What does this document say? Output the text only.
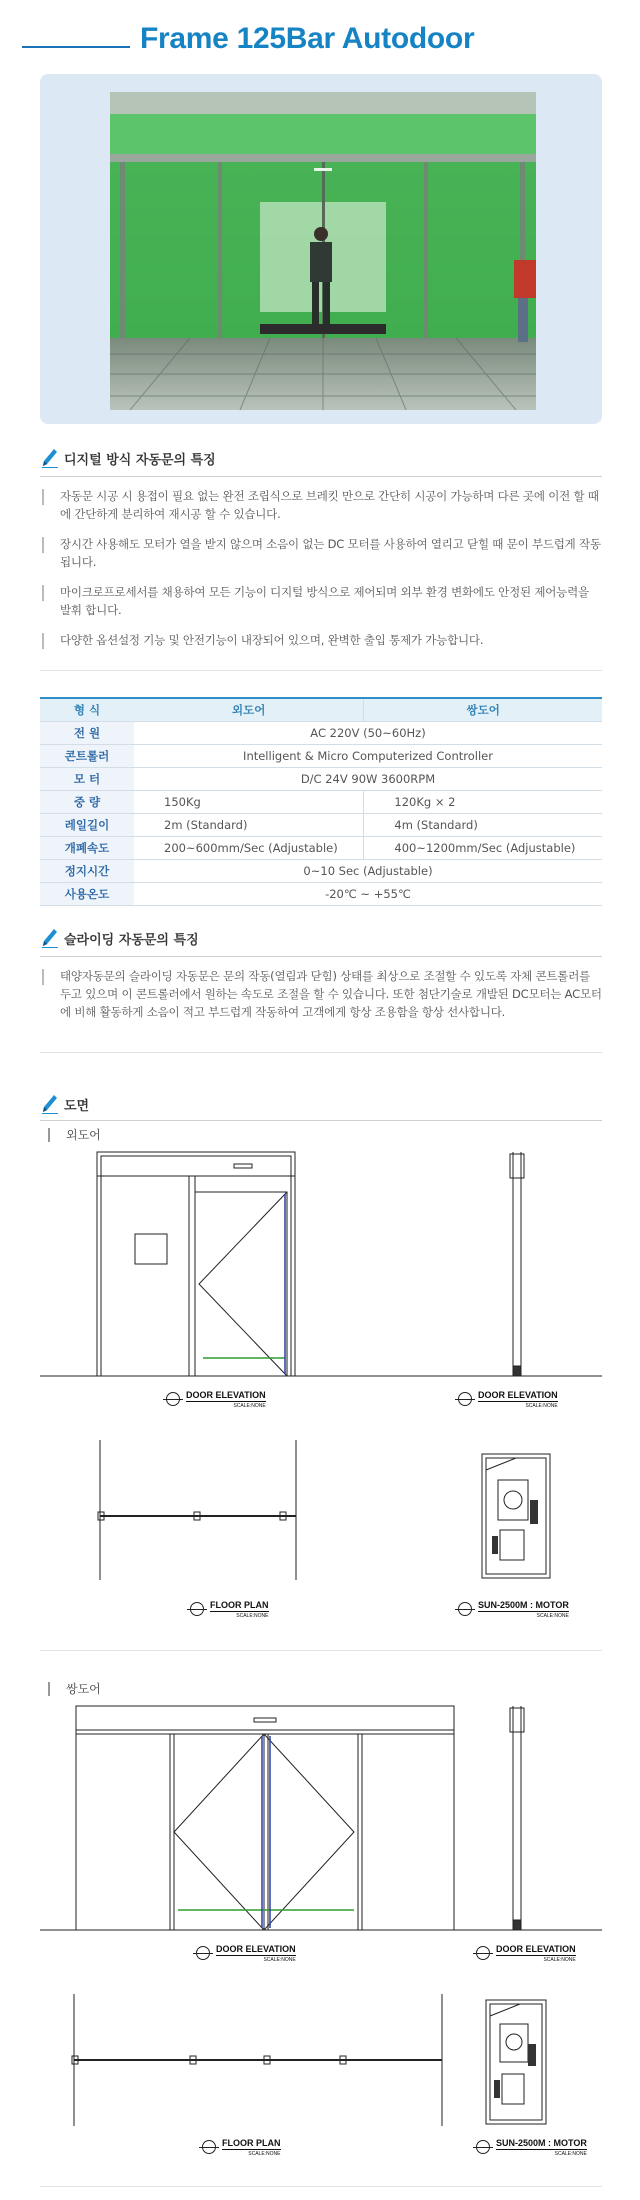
Frame 125Bar Autodoor
디지털 방식 자동문의 특징
자동문 시공 시 용접이 필요 없는 완전 조립식으로 브레킷 만으로 간단히 시공이 가능하며 다른 곳에 이전 할 때에 간단하게 분리하여 재시공 할 수 있습니다.
장시간 사용해도 모터가 열을 받지 않으며 소음이 없는 DC 모터를 사용하여 열리고 닫힐 때 문이 부드럽게 작동됩니다.
마이크로프로세서를 채용하여 모든 기능이 디지털 방식으로 제어되며 외부 환경 변화에도 안정된 제어능력을 발휘 합니다.
다양한 옵션설정 기능 및 안전기능이 내장되어 있으며, 완벽한 출입 통제가 가능합니다.
형 식	외도어	쌍도어
전 원	AC 220V (50~60Hz)	
콘트롤러	Intelligent & Micro Computerized Controller	
모 터	D/C 24V 90W 3600RPM	
중 량	150Kg	120Kg × 2
레일길이	2m (Standard)	4m (Standard)
개폐속도	200~600mm/Sec (Adjustable)	400~1200mm/Sec (Adjustable)
정지시간	0~10 Sec (Adjustable)	
사용온도	-20℃ ~ +55℃	
슬라이딩 자동문의 특징
태양자동문의 슬라이딩 자동문은 문의 작동(열림과 닫힘) 상태를 최상으로 조절할 수 있도록 자체 콘트롤러를 두고 있으며 이 콘트롤러에서 원하는 속도로 조절을 할 수 있습니다. 또한 첨단기술로 개발된 DC모터는 AC모터에 비해 활동하게 소음이 적고 부드럽게 작동하여 고객에게 항상 조용함을 항상 선사합니다.
도면
외도어
DOOR ELEVATION
SCALE:NONE
DOOR ELEVATION
SCALE:NONE
FLOOR PLAN
SCALE:NONE
SUN-2500M : MOTOR
SCALE:NONE
쌍도어
DOOR ELEVATION
SCALE:NONE
DOOR ELEVATION
SCALE:NONE
FLOOR PLAN
SCALE:NONE
SUN-2500M : MOTOR
SCALE:NONE
